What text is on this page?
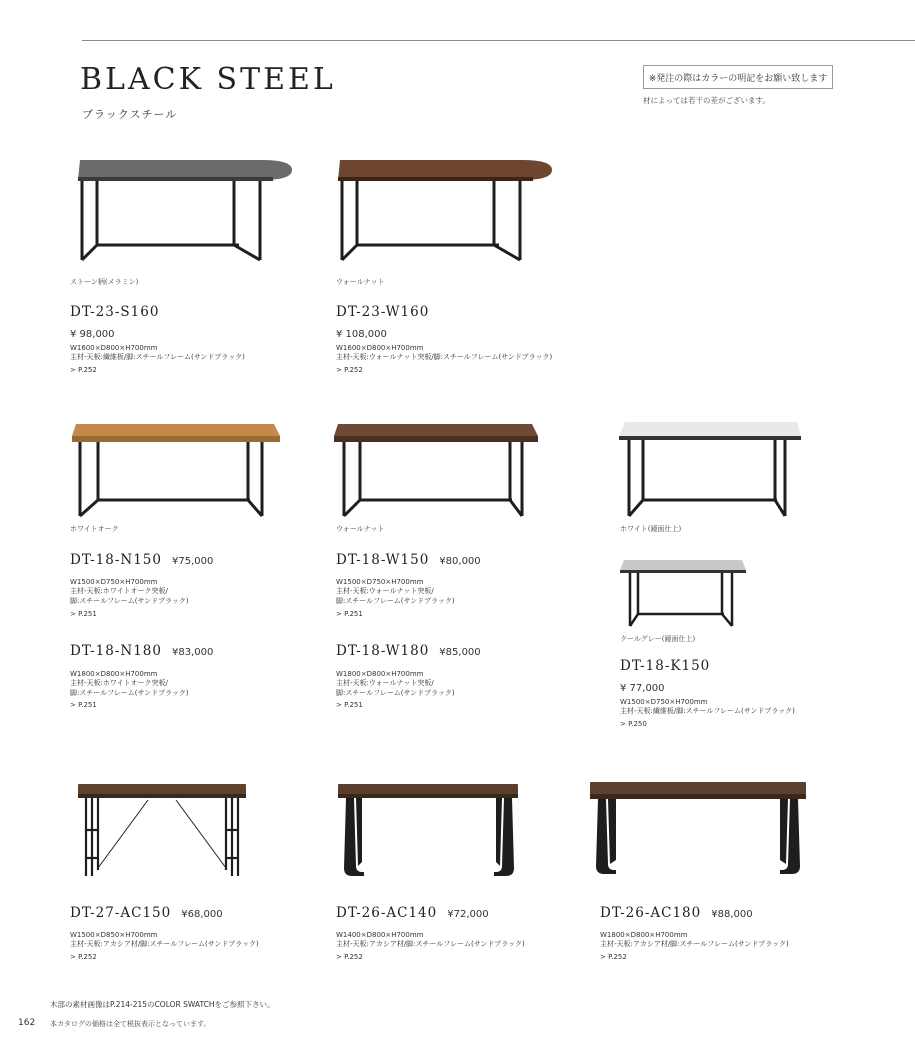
BLACK STEEL
ブラックスチール
※発注の際はカラーの明記をお願い致します
材によっては若干の差がございます。
ストーン柄(メラミン)
DT-23-S160
¥ 98,000
W1600×D800×H700mm
主材-天板:繊維板/脚:スチールフレーム(サンドブラック)
> P.252
ウォールナット
DT-23-W160
¥ 108,000
W1600×D800×H700mm
主材-天板:ウォールナット突板/脚:スチールフレーム(サンドブラック)
> P.252
ホワイトオーク
DT-18-N150 ¥75,000
W1500×D750×H700mm
主材-天板:ホワイトオーク突板/
脚:スチールフレーム(サンドブラック)
> P.251
ウォールナット
DT-18-W150 ¥80,000
W1500×D750×H700mm
主材-天板:ウォールナット突板/
脚:スチールフレーム(サンドブラック)
> P.251
ホワイト(鏡面仕上)
DT-18-N180 ¥83,000
W1800×D800×H700mm
主材-天板:ホワイトオーク突板/
脚:スチールフレーム(サンドブラック)
> P.251
DT-18-W180 ¥85,000
W1800×D800×H700mm
主材-天板:ウォールナット突板/
脚:スチールフレーム(サンドブラック)
> P.251
クールグレー(鏡面仕上)
DT-18-K150
¥ 77,000
W1500×D750×H700mm
主材-天板:繊維板/脚:スチールフレーム(サンドブラック)
> P.250
DT-27-AC150 ¥68,000
W1500×D850×H700mm
主材-天板:アカシア材/脚:スチールフレーム(サンドブラック)
> P.252
DT-26-AC140 ¥72,000
W1400×D800×H700mm
主材-天板:アカシア材/脚:スチールフレーム(サンドブラック)
> P.252
DT-26-AC180 ¥88,000
W1800×D800×H700mm
主材-天板:アカシア材/脚:スチールフレーム(サンドブラック)
> P.252
木部の素材画像はP.214-215のCOLOR SWATCHをご参照下さい。
162 本カタログの価格は全て税抜表示となっています。
